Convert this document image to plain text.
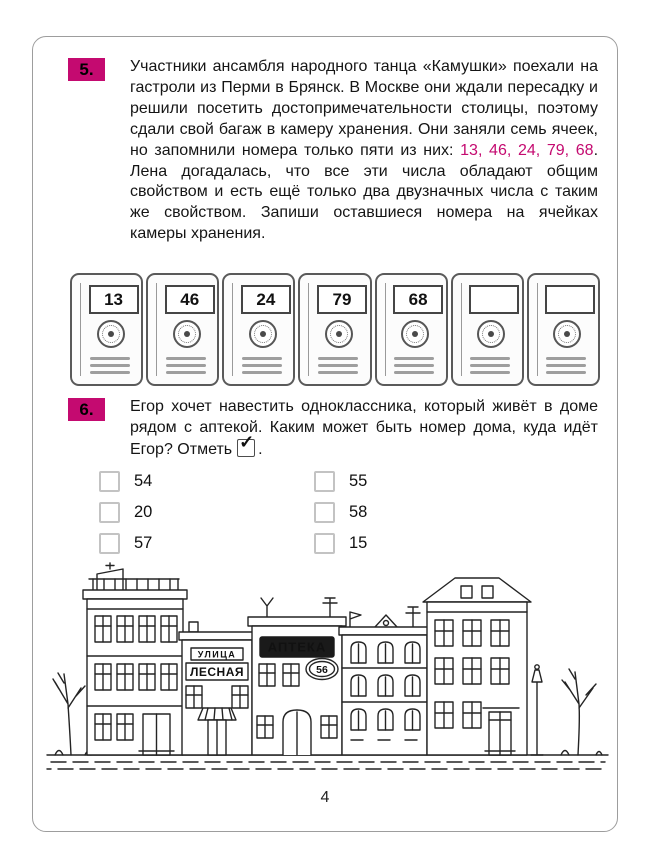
5.	Участники ансамбля народного танца «Камушки» поехали на гастроли из Перми в Брянск. В Москве они ждали пересадку и решили посетить достопримечательности столицы, поэтому сдали свой багаж в камеру хранения. Они заняли семь ячеек, но запомнили номера только пяти из них: 13, 46, 24, 79, 68. Лена догадалась, что все эти числа обладают общим свойством и есть ещё только два двузначных числа с таким же свойством. Запиши оставшиеся номера на ячейках камеры хранения.
13	46	24	79	68
6.	Егор хочет навестить одноклассника, который живёт в доме рядом с аптекой. Каким может быть номер дома, куда идёт Егор? Отметь ✓ .
54	55
20	58
57	15
УЛИЦА
ЛЕСНАЯ
АПТЕКА
56
4
